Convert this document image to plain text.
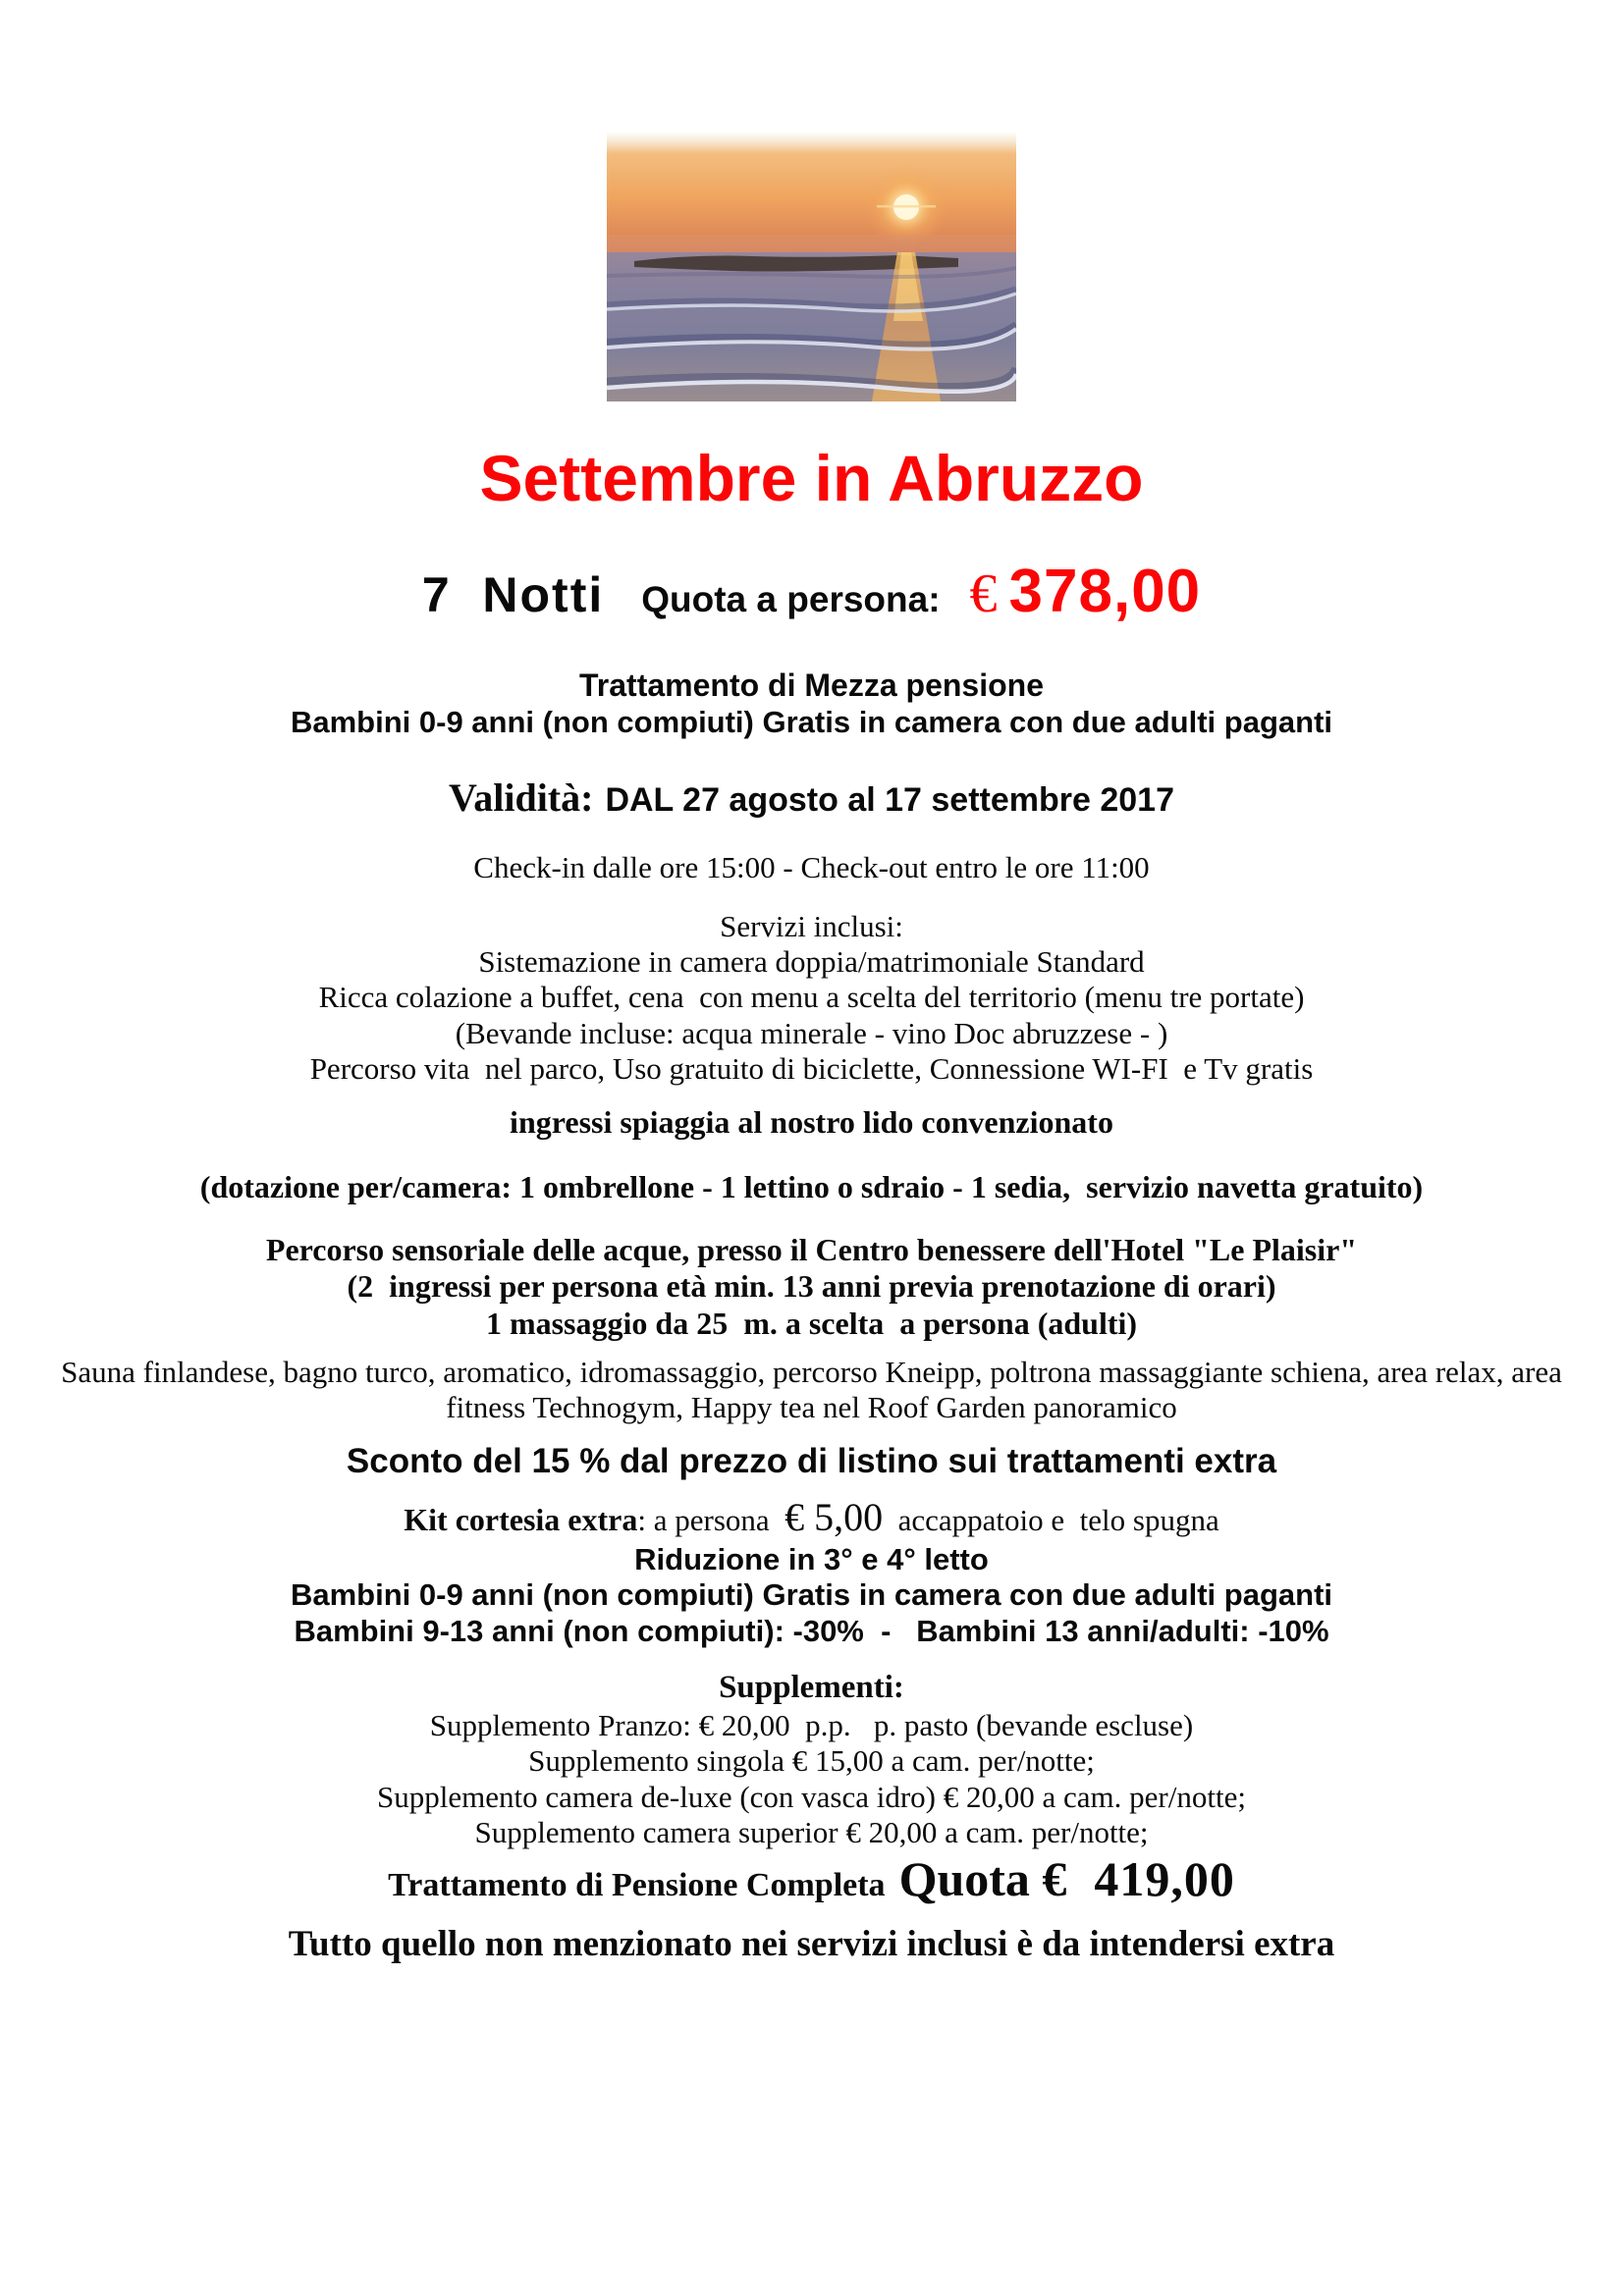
Settembre in Abruzzo

7  Notti Quota a persona: € 378,00

Trattamento di Mezza pensione

Bambini 0-9 anni (non compiuti) Gratis in camera con due adulti paganti

Validità: DAL 27 agosto al 17 settembre 2017

Check-in dalle ore 15:00 - Check-out entro le ore 11:00

Servizi inclusi:

Sistemazione in camera doppia/matrimoniale Standard

Ricca colazione a buffet, cena  con menu a scelta del territorio (menu tre portate)

(Bevande incluse: acqua minerale - vino Doc abruzzese - )

Percorso vita  nel parco, Uso gratuito di biciclette, Connessione WI-FI  e Tv gratis

ingressi spiaggia al nostro lido convenzionato

(dotazione per/camera: 1 ombrellone - 1 lettino o sdraio - 1 sedia,  servizio navetta gratuito)

Percorso sensoriale delle acque, presso il Centro benessere dell'Hotel "Le Plaisir"

(2  ingressi per persona età min. 13 anni previa prenotazione di orari)

1 massaggio da 25  m. a scelta  a persona (adulti)

Sauna finlandese, bagno turco, aromatico, idromassaggio, percorso Kneipp, poltrona massaggiante schiena, area relax, area fitness Technogym, Happy tea nel Roof Garden panoramico

Sconto del 15 % dal prezzo di listino sui trattamenti extra

Kit cortesia extra: a persona  € 5,00  accappatoio e  telo spugna

Riduzione in 3° e 4° letto

Bambini 0-9 anni (non compiuti) Gratis in camera con due adulti paganti

Bambini 9-13 anni (non compiuti): -30%  -   Bambini 13 anni/adulti: -10%

Supplementi:

Supplemento Pranzo: € 20,00  p.p.   p. pasto (bevande escluse)

Supplemento singola € 15,00 a cam. per/notte;

Supplemento camera de-luxe (con vasca idro) € 20,00 a cam. per/notte;

Supplemento camera superior € 20,00 a cam. per/notte;

Trattamento di Pensione Completa Quota € 419,00

Tutto quello non menzionato nei servizi inclusi è da intendersi extra
